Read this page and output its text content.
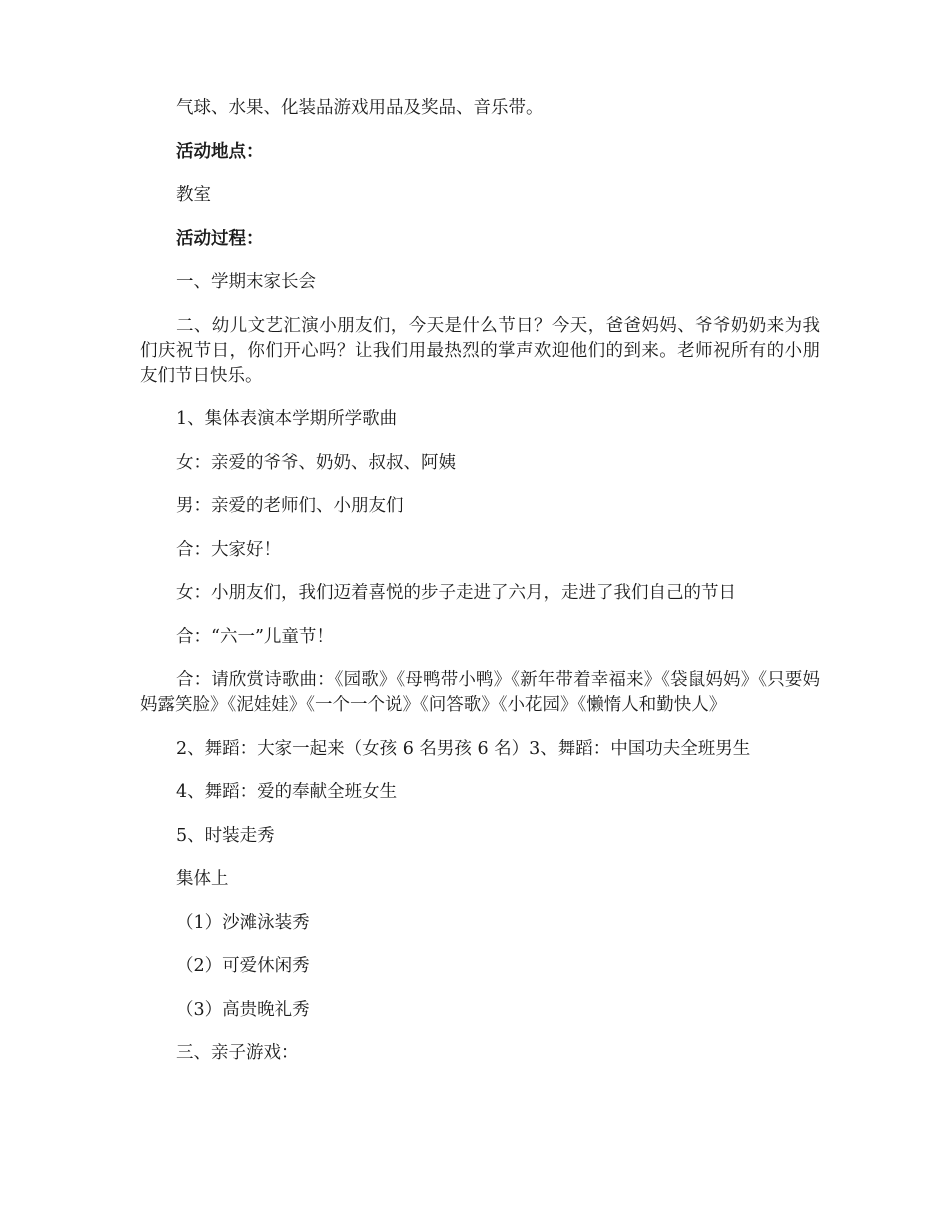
气球、水果、化装品游戏用品及奖品、音乐带。

活动地点：

教室

活动过程：

一、学期末家长会

二、幼儿文艺汇演小朋友们，今天是什么节日？今天，爸爸妈妈、爷爷奶奶来为我们庆祝节日，你们开心吗？让我们用最热烈的掌声欢迎他们的到来。老师祝所有的小朋友们节日快乐。

1、集体表演本学期所学歌曲

女：亲爱的爷爷、奶奶、叔叔、阿姨

男：亲爱的老师们、小朋友们

合：大家好！

女：小朋友们，我们迈着喜悦的步子走进了六月，走进了我们自己的节日

合：“六一”儿童节！

合：请欣赏诗歌曲：《园歌》《母鸭带小鸭》《新年带着幸福来》《袋鼠妈妈》《只要妈妈露笑脸》《泥娃娃》《一个一个说》《问答歌》《小花园》《懒惰人和勤快人》

2、舞蹈：大家一起来（女孩 6 名男孩 6 名）3、舞蹈：中国功夫全班男生

4、舞蹈：爱的奉献全班女生

5、时装走秀

集体上

（1）沙滩泳装秀

（2）可爱休闲秀

（3）高贵晚礼秀

三、亲子游戏：
